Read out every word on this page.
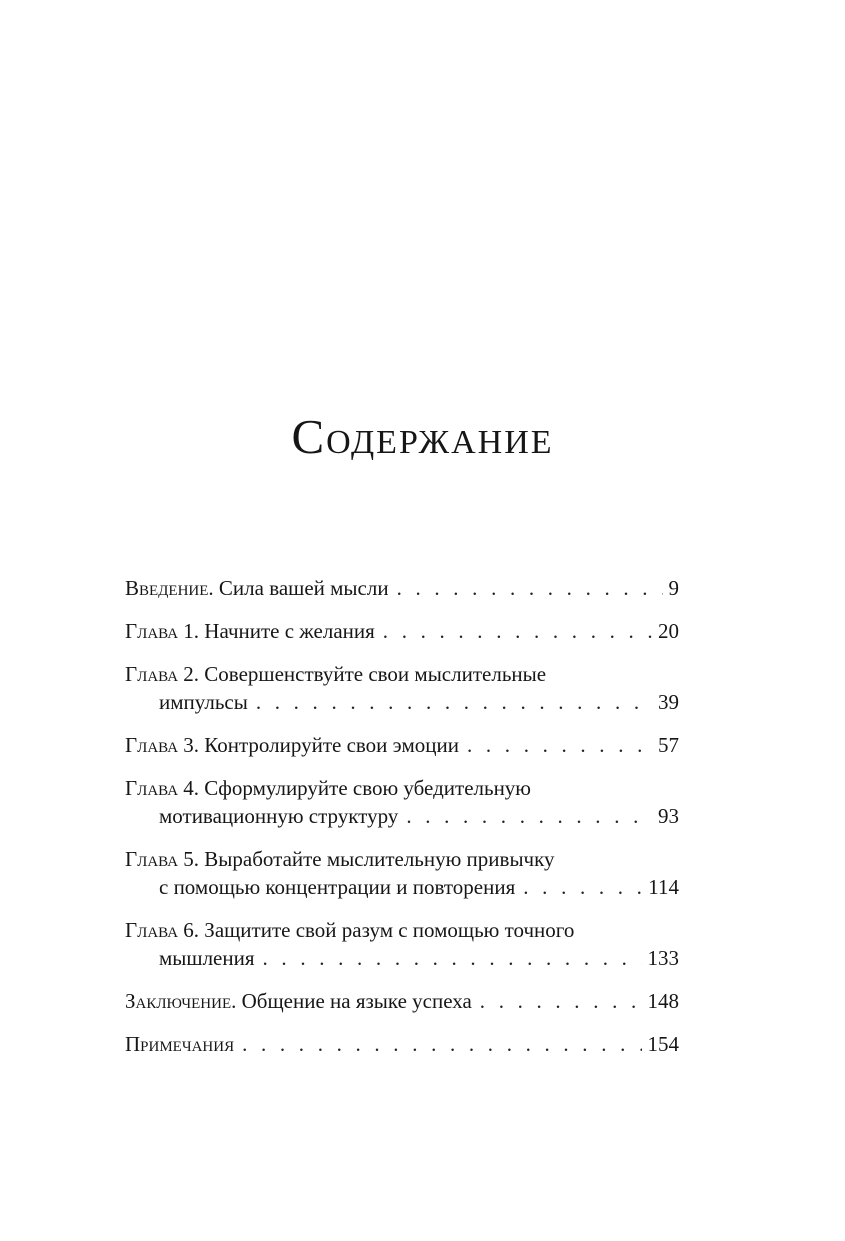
Содержание
Введение. Сила вашей мысли . . .	9
Глава 1. Начните с желания . . .	20
Глава 2. Совершенствуйте свои мыслительные
импульсы . . .	39
Глава 3. Контролируйте свои эмоции . . .	57
Глава 4. Сформулируйте свою убедительную
мотивационную структуру . . .	93
Глава 5. Выработайте мыслительную привычку
с помощью концентрации и повторения . . .	114
Глава 6. Защитите свой разум с помощью точного
мышления . . .	133
Заключение. Общение на языке успеха . . .	148
Примечания . . .	154
